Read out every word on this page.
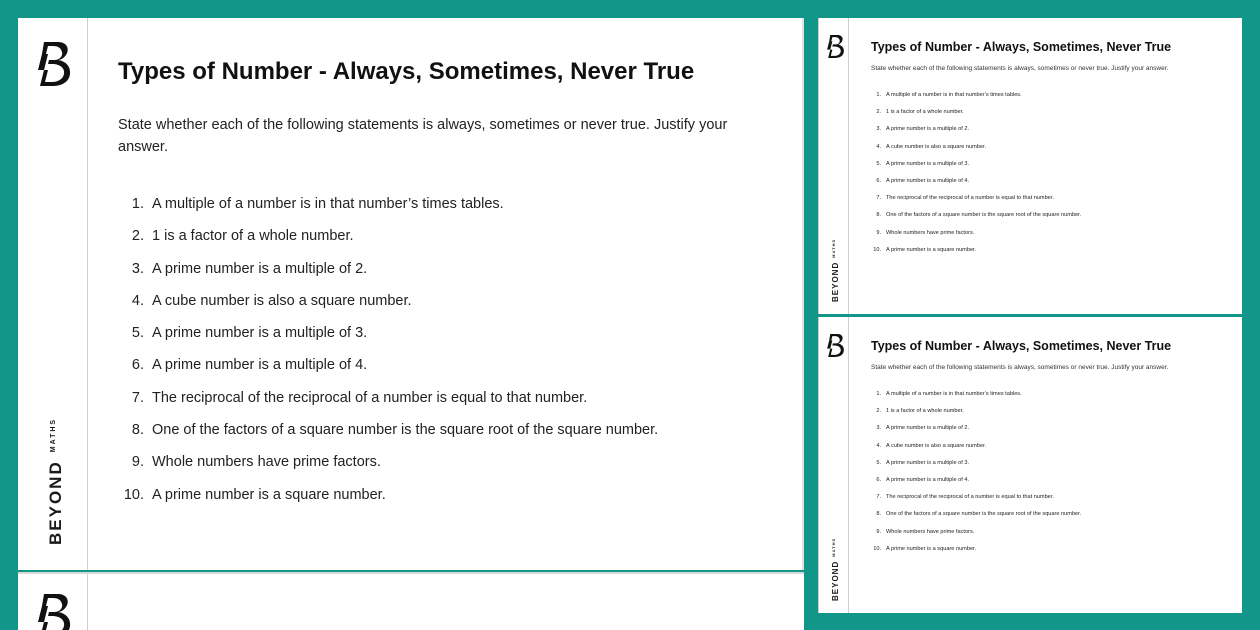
$BEYOND^{MATHS}$
Types of Number - Always, Sometimes, Never True
State whether each of the following statements is always, sometimes or never true. Justify your answer.
1. A multiple of a number is in that number’s times tables.
2. 1 is a factor of a whole number.
3. A prime number is a multiple of 2.
4. A cube number is also a square number.
5. A prime number is a multiple of 3.
6. A prime number is a multiple of 4.
7. The reciprocal of the reciprocal of a number is equal to that number.
8. One of the factors of a square number is the square root of the square number.
9. Whole numbers have prime factors.
10. A prime number is a square number.
$BEYOND^{MATHS}$
Types of Number - Always, Sometimes, Never True
State whether each of the following statements is always, sometimes or never true. Justify your answer.
1. A multiple of a number is in that number’s times tables.
2. 1 is a factor of a whole number.
3. A prime number is a multiple of 2.
4. A cube number is also a square number.
5. A prime number is a multiple of 3.
6. A prime number is a multiple of 4.
7. The reciprocal of the reciprocal of a number is equal to that number.
8. One of the factors of a square number is the square root of the square number.
9. Whole numbers have prime factors.
10. A prime number is a square number.
$BEYOND^{MATHS}$
Types of Number - Always, Sometimes, Never True
State whether each of the following statements is always, sometimes or never true. Justify your answer.
1. A multiple of a number is in that number’s times tables.
2. 1 is a factor of a whole number.
3. A prime number is a multiple of 2.
4. A cube number is also a square number.
5. A prime number is a multiple of 3.
6. A prime number is a multiple of 4.
7. The reciprocal of the reciprocal of a number is equal to that number.
8. One of the factors of a square number is the square root of the square number.
9. Whole numbers have prime factors.
10. A prime number is a square number.
